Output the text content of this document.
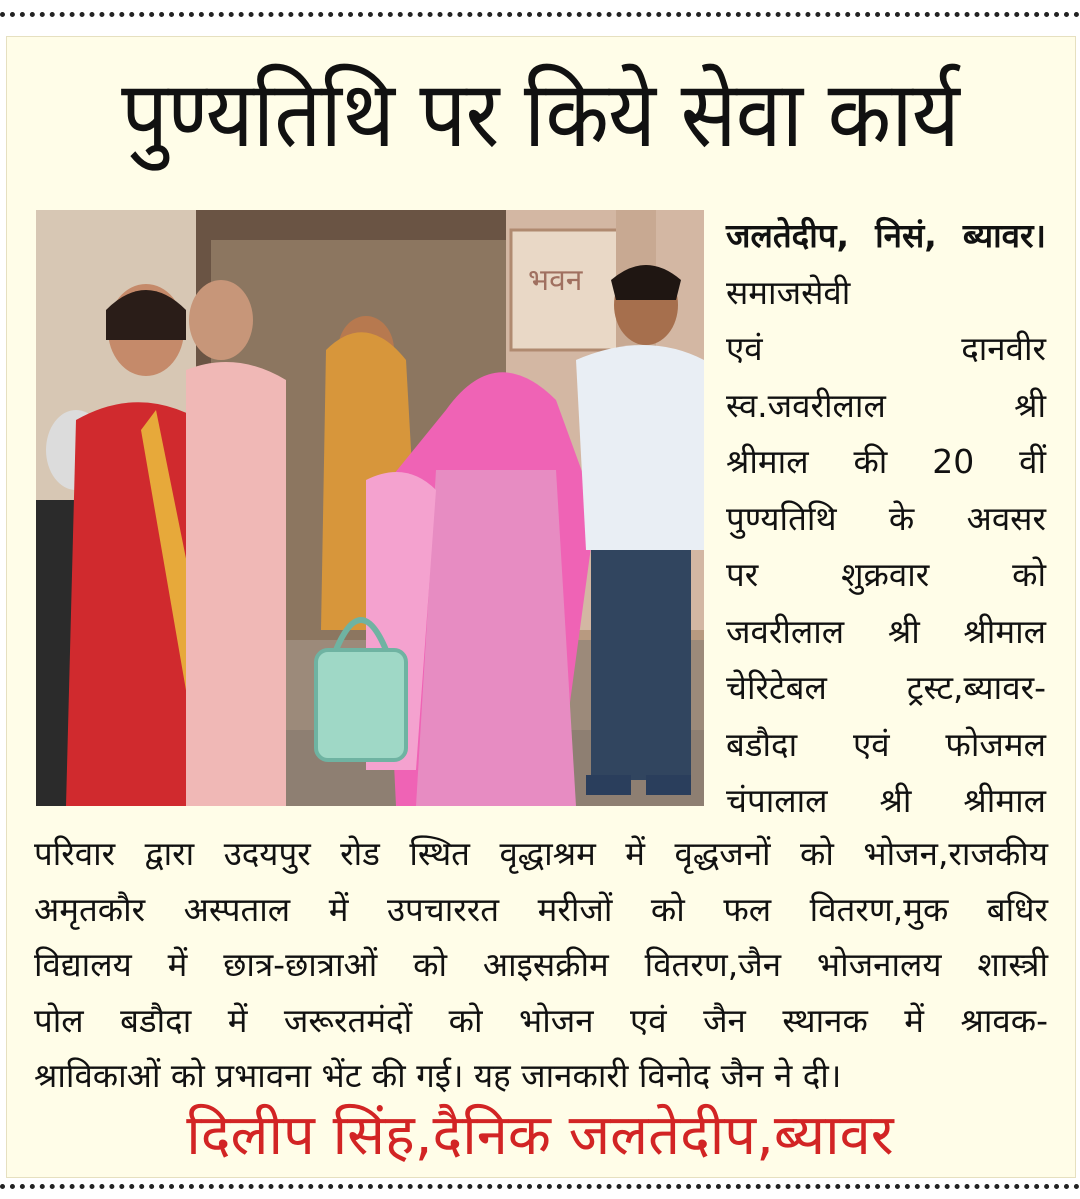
पुण्यतिथि पर किये सेवा कार्य
भवन
जलतेदीप, निसं, ब्यावर।
समाजसेवी
एवं दानवीर
स्व.जवरीलाल श्री
श्रीमाल की 20 वीं
पुण्यतिथि के अवसर
पर शुक्रवार को
जवरीलाल श्री श्रीमाल
चेरिटेबल ट्रस्ट,ब्यावर-
बडौदा एवं फोजमल
चंपालाल श्री श्रीमाल
परिवार द्वारा उदयपुर रोड स्थित वृद्धाश्रम में वृद्धजनों को भोजन,राजकीय
अमृतकौर अस्पताल में उपचाररत मरीजों को फल वितरण,मुक बधिर
विद्यालय में छात्र-छात्राओं को आइसक्रीम वितरण,जैन भोजनालय शास्त्री
पोल बडौदा में जरूरतमंदों को भोजन एवं जैन स्थानक में श्रावक-
श्राविकाओं को प्रभावना भेंट की गई। यह जानकारी विनोद जैन ने दी।
दिलीप सिंह,दैनिक जलतेदीप,ब्यावर
